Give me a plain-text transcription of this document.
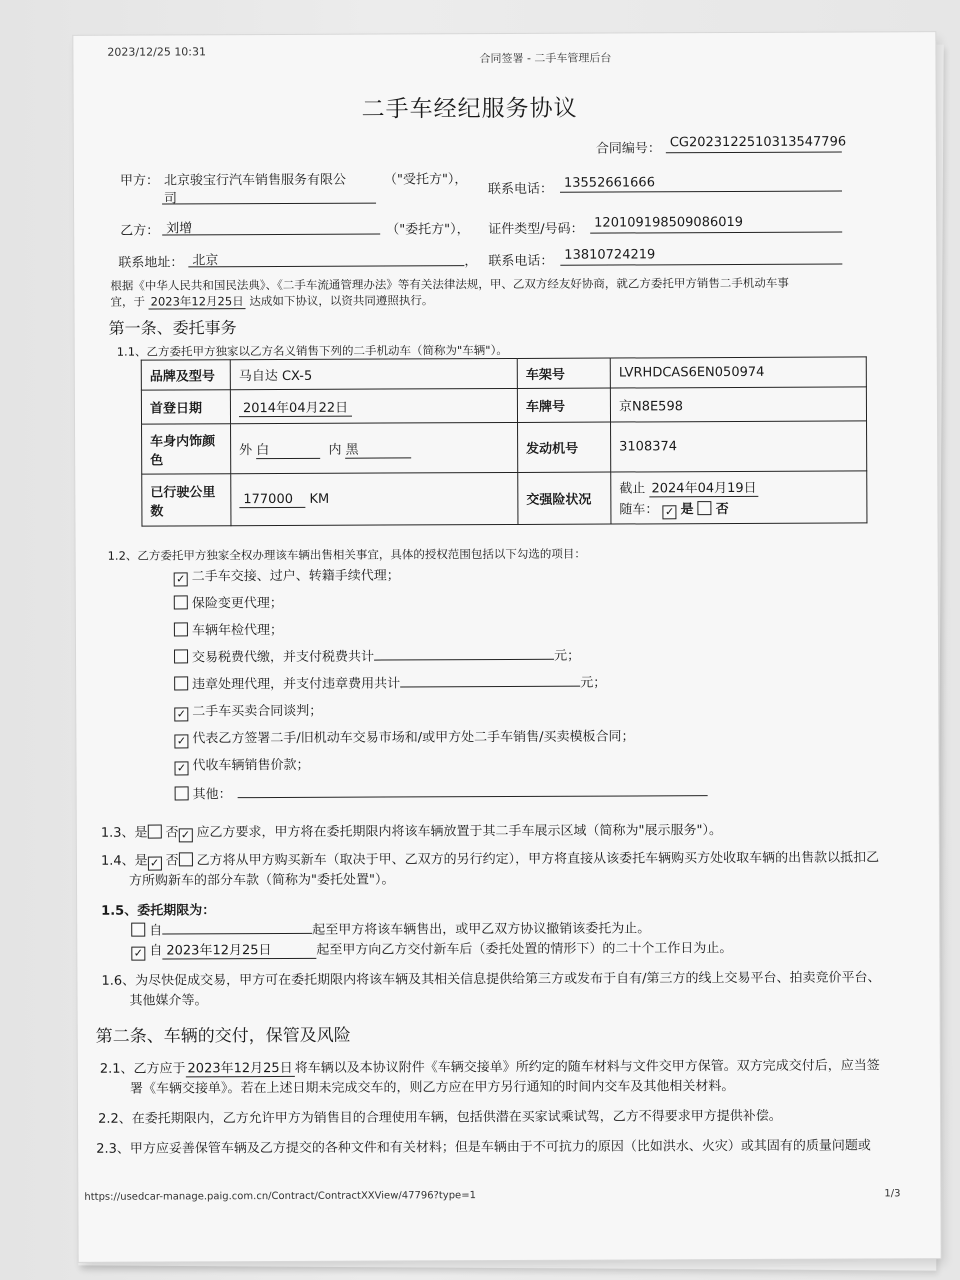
2023/12/25 10:31	合同签署 - 二手车管理后台
二手车经纪服务协议
合同编号： CG2023122510313547796
甲方： 北京骏宝行汽车销售服务有限公
司
（"受托方"），
联系电话： 13552661666
乙方： 刘增	（"委托方"）， 证件类型/号码： 120109198509086019
联系地址： 北京	， 联系电话： 13810724219
根据《中华人民共和国民法典》、《二手车流通管理办法》等有关法律法规，甲、乙双方经友好协商，就乙方委托甲方销售二手机动车事
宜，于 2023年12月25日 达成如下协议，以资共同遵照执行。
第一条、委托事务
1.1、乙方委托甲方独家以乙方名义销售下列的二手机动车（简称为"车辆"）。
品牌及型号	马自达 CX-5	车架号	LVRHDCAS6EN050974
首登日期	2014年04月22日	车牌号	京N8E598
车身内饰颜色	外 白 内 黑	发动机号	3108374
已行驶公里数	177000 KM	交强险状况	截止 2024年04月19日
随车： ✓ 是 否
1.2、乙方委托甲方独家全权办理该车辆出售相关事宜，具体的授权范围包括以下勾选的项目：
✓ 二手车交接、过户、转籍手续代理；
保险变更代理；
车辆年检代理；
交易税费代缴，并支付税费共计	元；
违章处理代理，并支付违章费用共计	元；
✓ 二手车买卖合同谈判；
✓ 代表乙方签署二手/旧机动车交易市场和/或甲方处二手车销售/买卖模板合同；
✓ 代收车辆销售价款；
其他：
1.3、是 否 ✓ 应乙方要求，甲方将在委托期限内将该车辆放置于其二手车展示区域（简称为"展示服务"）。
1.4、是 ✓ 否 乙方将从甲方购买新车（取决于甲、乙双方的另行约定），甲方将直接从该委托车辆购买方处收取车辆的出售款以抵扣乙
方所购新车的部分车款（简称为"委托处置"）。
1.5、委托期限为：
自	起至甲方将该车辆售出，或甲乙双方协议撤销该委托为止。
✓ 自 2023年12月25日	起至甲方向乙方交付新车后（委托处置的情形下）的二十个工作日为止。
1.6、为尽快促成交易，甲方可在委托期限内将该车辆及其相关信息提供给第三方或发布于自有/第三方的线上交易平台、拍卖竞价平台、
其他媒介等。
第二条、车辆的交付，保管及风险
2.1、乙方应于 2023年12月25日 将车辆以及本协议附件《车辆交接单》所约定的随车材料与文件交甲方保管。双方完成交付后，应当签
署《车辆交接单》。若在上述日期未完成交车的，则乙方应在甲方另行通知的时间内交车及其他相关材料。
2.2、在委托期限内，乙方允许甲方为销售目的合理使用车辆，包括供潜在买家试乘试驾，乙方不得要求甲方提供补偿。
2.3、甲方应妥善保管车辆及乙方提交的各种文件和有关材料；但是车辆由于不可抗力的原因（比如洪水、火灾）或其固有的质量问题或
https://usedcar-manage.paig.com.cn/Contract/ContractXXView/47796?type=1	1/3
